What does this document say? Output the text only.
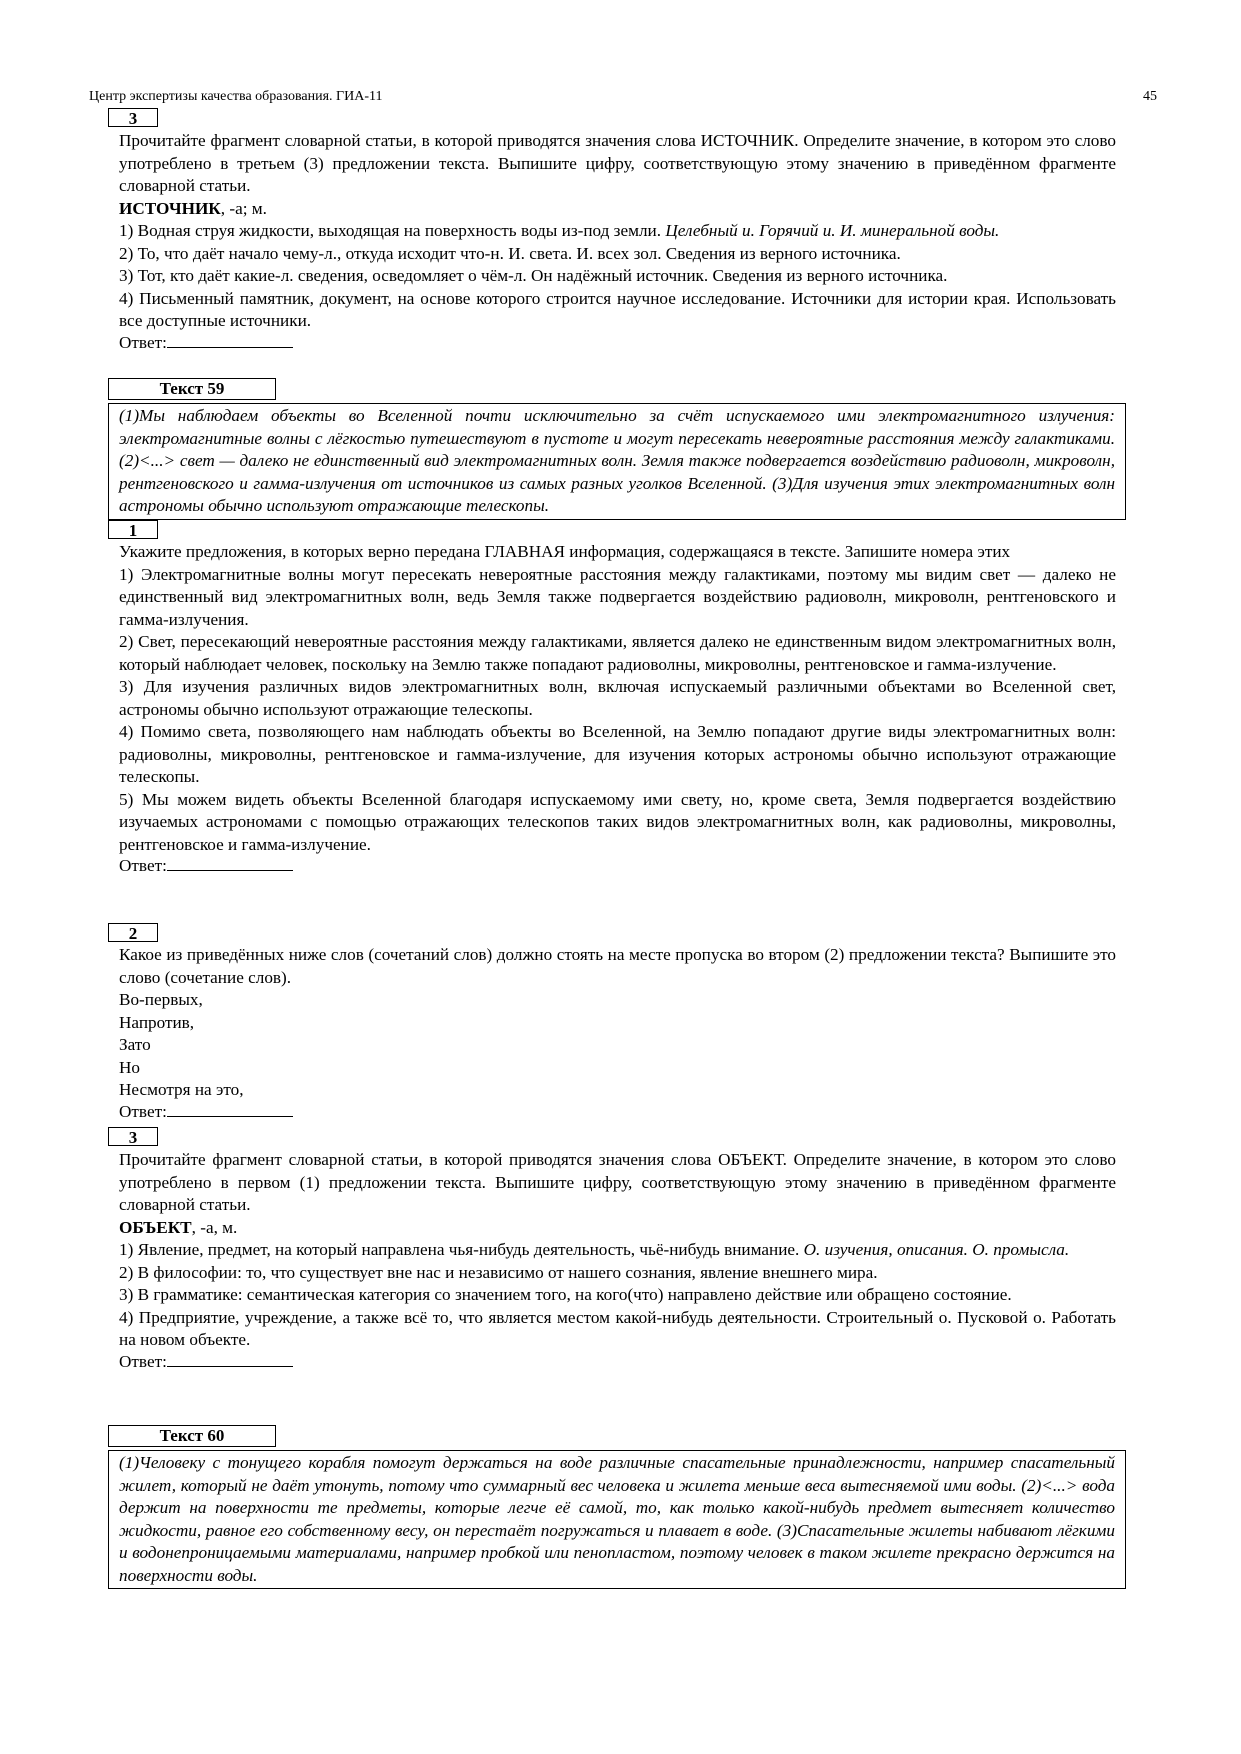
Центр экспертизы качества образования. ГИА-11	45
3

Прочитайте фрагмент словарной статьи, в которой приводятся значения слова ИСТОЧНИК. Определите значение, в котором это слово употреблено в третьем (3) предложении текста. Выпишите цифру, соответствующую этому значению в приведённом фрагменте словарной статьи.

ИСТОЧНИК, -а; м.

1) Водная струя жидкости, выходящая на поверхность воды из-под земли. Целебный и. Горячий и. И. минеральной воды.

2) То, что даёт начало чему-л., откуда исходит что-н. И. света. И. всех зол. Сведения из верного источника.

3) Тот, кто даёт какие-л. сведения, осведомляет о чём-л. Он надёжный источник. Сведения из верного источника.

4) Письменный памятник, документ, на основе которого строится научное исследование. Источники для истории края. Использовать все доступные источники.

Ответ:

Текст 59
(1)Мы наблюдаем объекты во Вселенной почти исключительно за счёт испускаемого ими электромагнитного излучения: электромагнитные волны с лёгкостью путешествуют в пустоте и могут пересекать невероятные расстояния между галактиками. (2)<...> свет — далеко не единственный вид электромагнитных волн. Земля также подвергается воздействию радиоволн, микроволн, рентгеновского и гамма-излучения от источников из самых разных уголков Вселенной. (3)Для изучения этих электромагнитных волн астрономы обычно используют отражающие телескопы.
1

Укажите предложения, в которых верно передана ГЛАВНАЯ информация, содержащаяся в тексте. Запишите номера этих

1) Электромагнитные волны могут пересекать невероятные расстояния между галактиками, поэтому мы видим свет — далеко не единственный вид электромагнитных волн, ведь Земля также подвергается воздействию радиоволн, микроволн, рентгеновского и гамма-излучения.

2) Свет, пересекающий невероятные расстояния между галактиками, является далеко не единственным видом электромагнитных волн, который наблюдает человек, поскольку на Землю также попадают радиоволны, микроволны, рентгеновское и гамма-излучение.

3) Для изучения различных видов электромагнитных волн, включая испускаемый различными объектами во Вселенной свет, астрономы обычно используют отражающие телескопы.

4) Помимо света, позволяющего нам наблюдать объекты во Вселенной, на Землю попадают другие виды электромагнитных волн: радиоволны, микроволны, рентгеновское и гамма-излучение, для изучения которых астрономы обычно используют отражающие телескопы.

5) Мы можем видеть объекты Вселенной благодаря испускаемому ими свету, но, кроме света, Земля подвергается воздействию изучаемых астрономами с помощью отражающих телескопов таких видов электромагнитных волн, как радиоволны, микроволны, рентгеновское и гамма-излучение.

Ответ:

2

Какое из приведённых ниже слов (сочетаний слов) должно стоять на месте пропуска во втором (2) предложении текста? Выпишите это слово (сочетание слов).

Во-первых,

Напротив,

Зато

Но

Несмотря на это,

Ответ:

3

Прочитайте фрагмент словарной статьи, в которой приводятся значения слова ОБЪЕКТ. Определите значение, в котором это слово употреблено в первом (1) предложении текста. Выпишите цифру, соответствующую этому значению в приведённом фрагменте словарной статьи.

ОБЪЕКТ, -а, м.

1) Явление, предмет, на который направлена чья-нибудь деятельность, чьё-нибудь внимание. О. изучения, описания. О. промысла.

2) В философии: то, что существует вне нас и независимо от нашего сознания, явление внешнего мира.

3) В грамматике: семантическая категория со значением того, на кого(что) направлено действие или обращено состояние.

4) Предприятие, учреждение, а также всё то, что является местом какой-нибудь деятельности. Строительный о. Пусковой о. Работать на новом объекте.

Ответ:

Текст 60
(1)Человеку с тонущего корабля помогут держаться на воде различные спасательные принадлежности, например спасательный жилет, который не даёт утонуть, потому что суммарный вес человека и жилета меньше веса вытесняемой ими воды. (2)<...> вода держит на поверхности те предметы, которые легче её самой, то, как только какой-нибудь предмет вытесняет количество жидкости, равное его собственному весу, он перестаёт погружаться и плавает в воде. (3)Спасательные жилеты набивают лёгкими и водонепроницаемыми материалами, например пробкой или пенопластом, поэтому человек в таком жилете прекрасно держится на поверхности воды.
